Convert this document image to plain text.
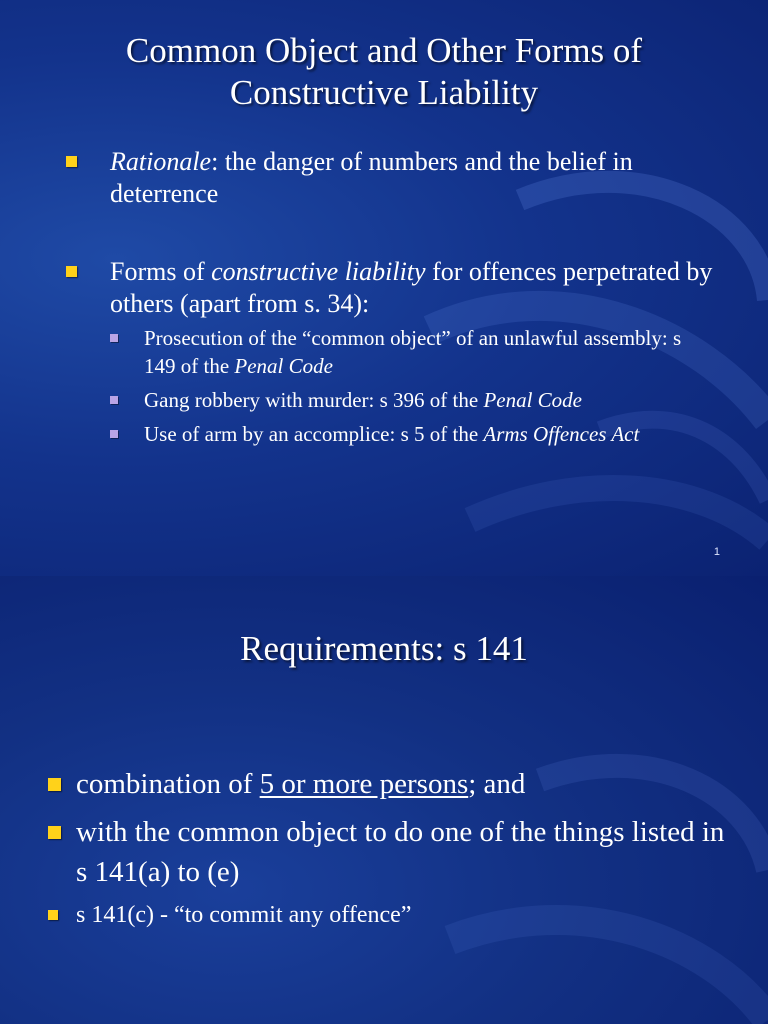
Common Object and Other Forms of
Constructive Liability
Rationale: the danger of numbers and the belief in deterrence
Forms of constructive liability for offences perpetrated by others (apart from s. 34):
Prosecution of the “common object” of an unlawful assembly: s 149 of the Penal Code
Gang robbery with murder: s 396 of the Penal Code
Use of arm by an accomplice: s 5 of the Arms Offences Act
1
Requirements: s 141
combination of 5 or more persons; and
with the common object to do one of the things listed in s 141(a) to (e)
s 141(c) - “to commit any offence”
